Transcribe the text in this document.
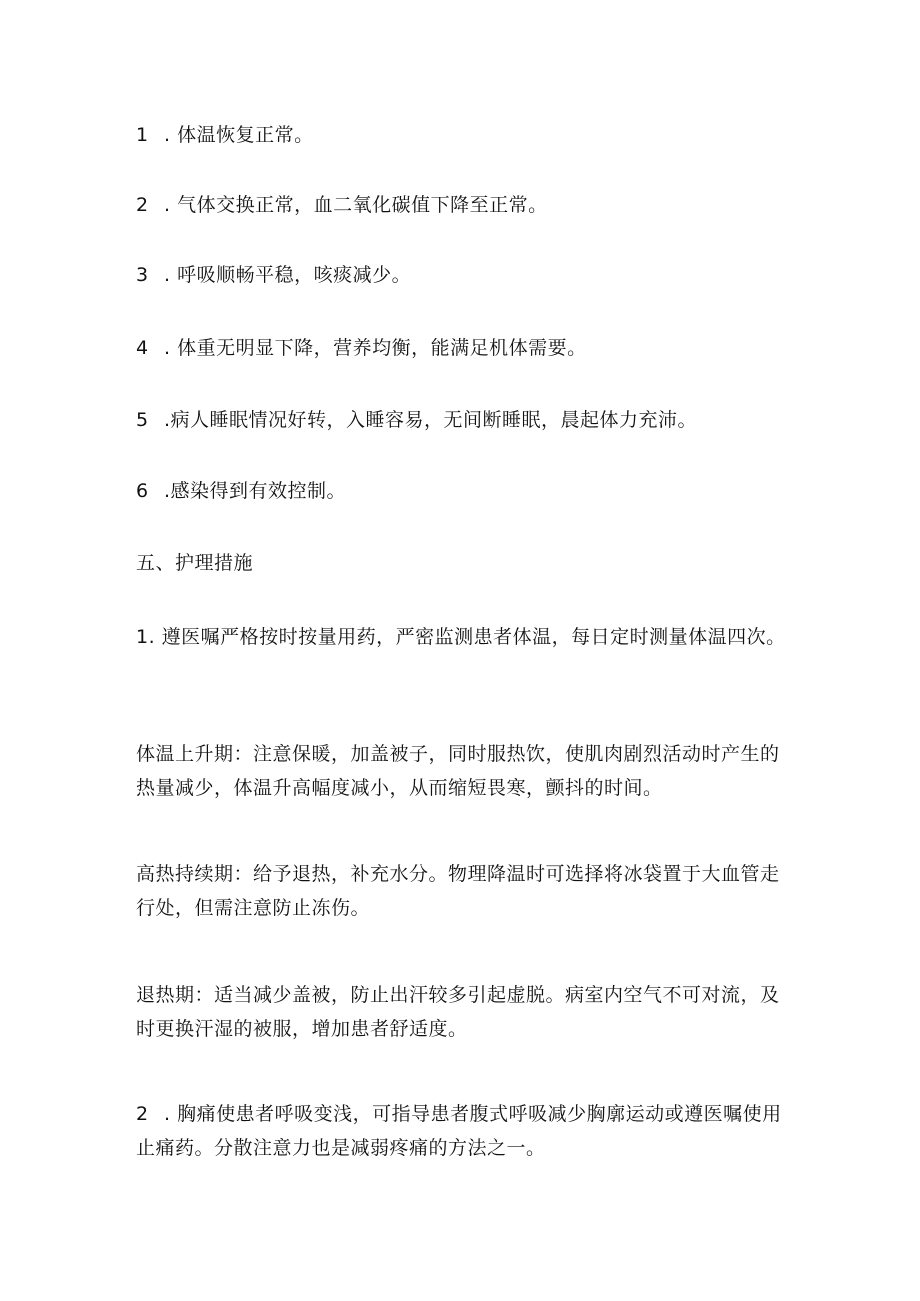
1 . 体温恢复正常。

2 . 气体交换正常，血二氧化碳值下降至正常。

3 . 呼吸顺畅平稳，咳痰减少。

4 . 体重无明显下降，营养均衡，能满足机体需要。

5 .病人睡眠情况好转，入睡容易，无间断睡眠，晨起体力充沛。

6 .感染得到有效控制。

五、护理措施

1. 遵医嘱严格按时按量用药，严密监测患者体温，每日定时测量体温四次。

体温上升期：注意保暖，加盖被子，同时服热饮，使肌肉剧烈活动时产生的热量减少，体温升高幅度减小，从而缩短畏寒，颤抖的时间。

高热持续期：给予退热，补充水分。物理降温时可选择将冰袋置于大血管走行处，但需注意防止冻伤。

退热期：适当减少盖被，防止出汗较多引起虚脱。病室内空气不可对流，及时更换汗湿的被服，增加患者舒适度。

2 . 胸痛使患者呼吸变浅，可指导患者腹式呼吸减少胸廓运动或遵医嘱使用止痛药。分散注意力也是减弱疼痛的方法之一。
